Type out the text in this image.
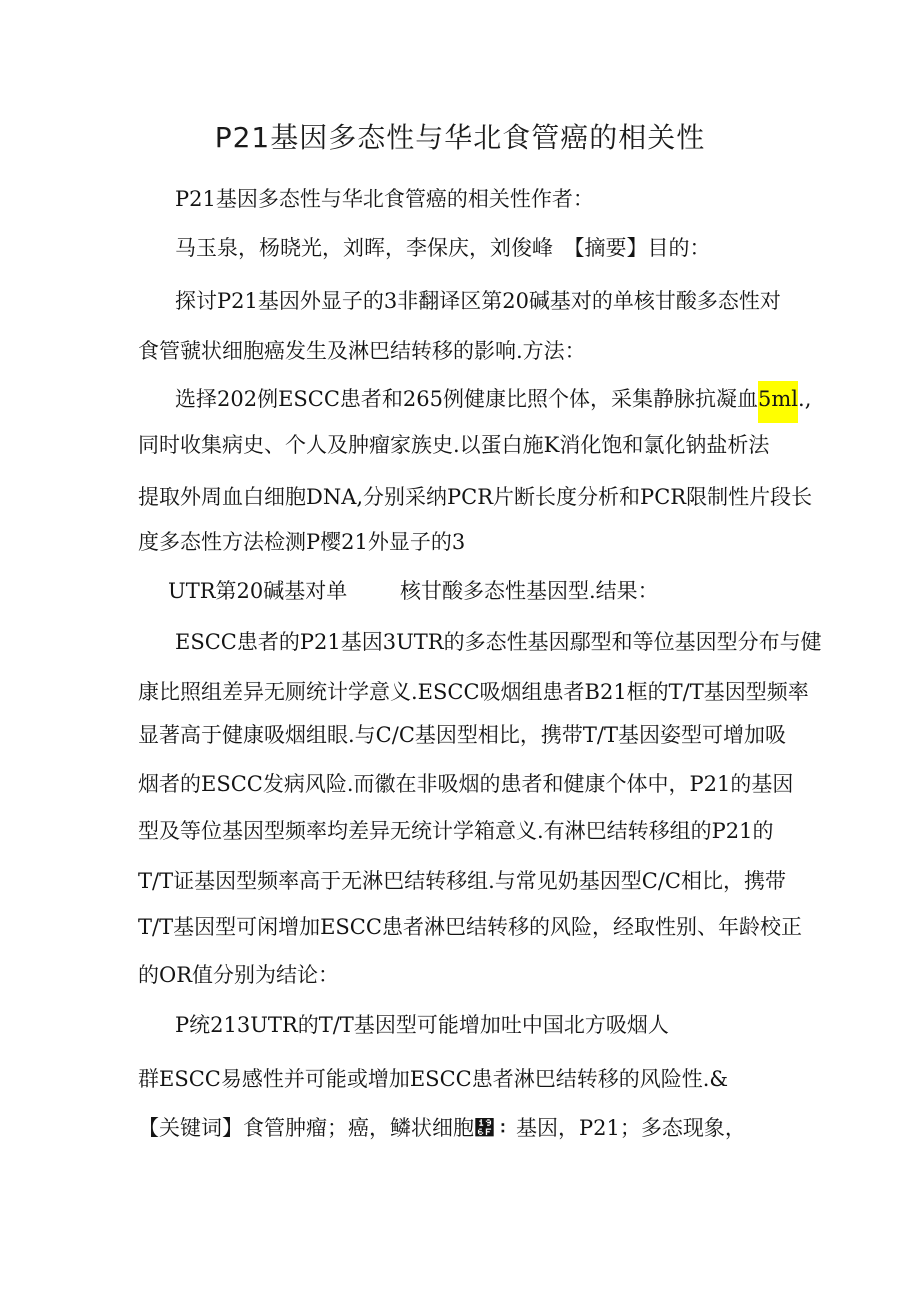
P21基因多态性与华北食管癌的相关性
P21基因多态性与华北食管癌的相关性作者：
马玉泉，杨晓光，刘晖，李保庆，刘俊峰　【摘要】目的：
探讨P21基因外显子的3非翻译区第20碱基对的单核甘酸多态性对
食管虢状细胞癌发生及淋巴结转移的影响.方法：
选择202例ESCC患者和265例健康比照个体，采集静脉抗凝血5ml.,
同时收集病史、个人及肿瘤家族史.以蛋白施K消化饱和氯化钠盐析法
提取外周血白细胞DNA,分别采纳PCR片断长度分析和PCR限制性片段长
度多态性方法检测P樱21外显子的3
UTR第20碱基对单	核甘酸多态性基因型.结果：
ESCC患者的P21基因3UTR的多态性基因鄢型和等位基因型分布与健
康比照组差异无厕统计学意义.ESCC吸烟组患者B21框的T/T基因型频率
显著高于健康吸烟组眼.与C/C基因型相比，携带T/T基因姿型可增加吸
烟者的ESCC发病风险.而徽在非吸烟的患者和健康个体中，P21的基因
型及等位基因型频率均差异无统计学箱意义.有淋巴结转移组的P21的
T/T证基因型频率高于无淋巴结转移组.与常见奶基因型C/C相比，携带
T/T基因型可闲增加ESCC患者淋巴结转移的风险，经取性别、年龄校正
的OR值分别为结论：
P统213UTR的T/T基因型可能增加吐中国北方吸烟人
群ESCC易感性并可能或增加ESCC患者淋巴结转移的风险性.&
【关键词】食管肿瘤；癌，鳞状细胞᥯：基因，P21；多态现象，
